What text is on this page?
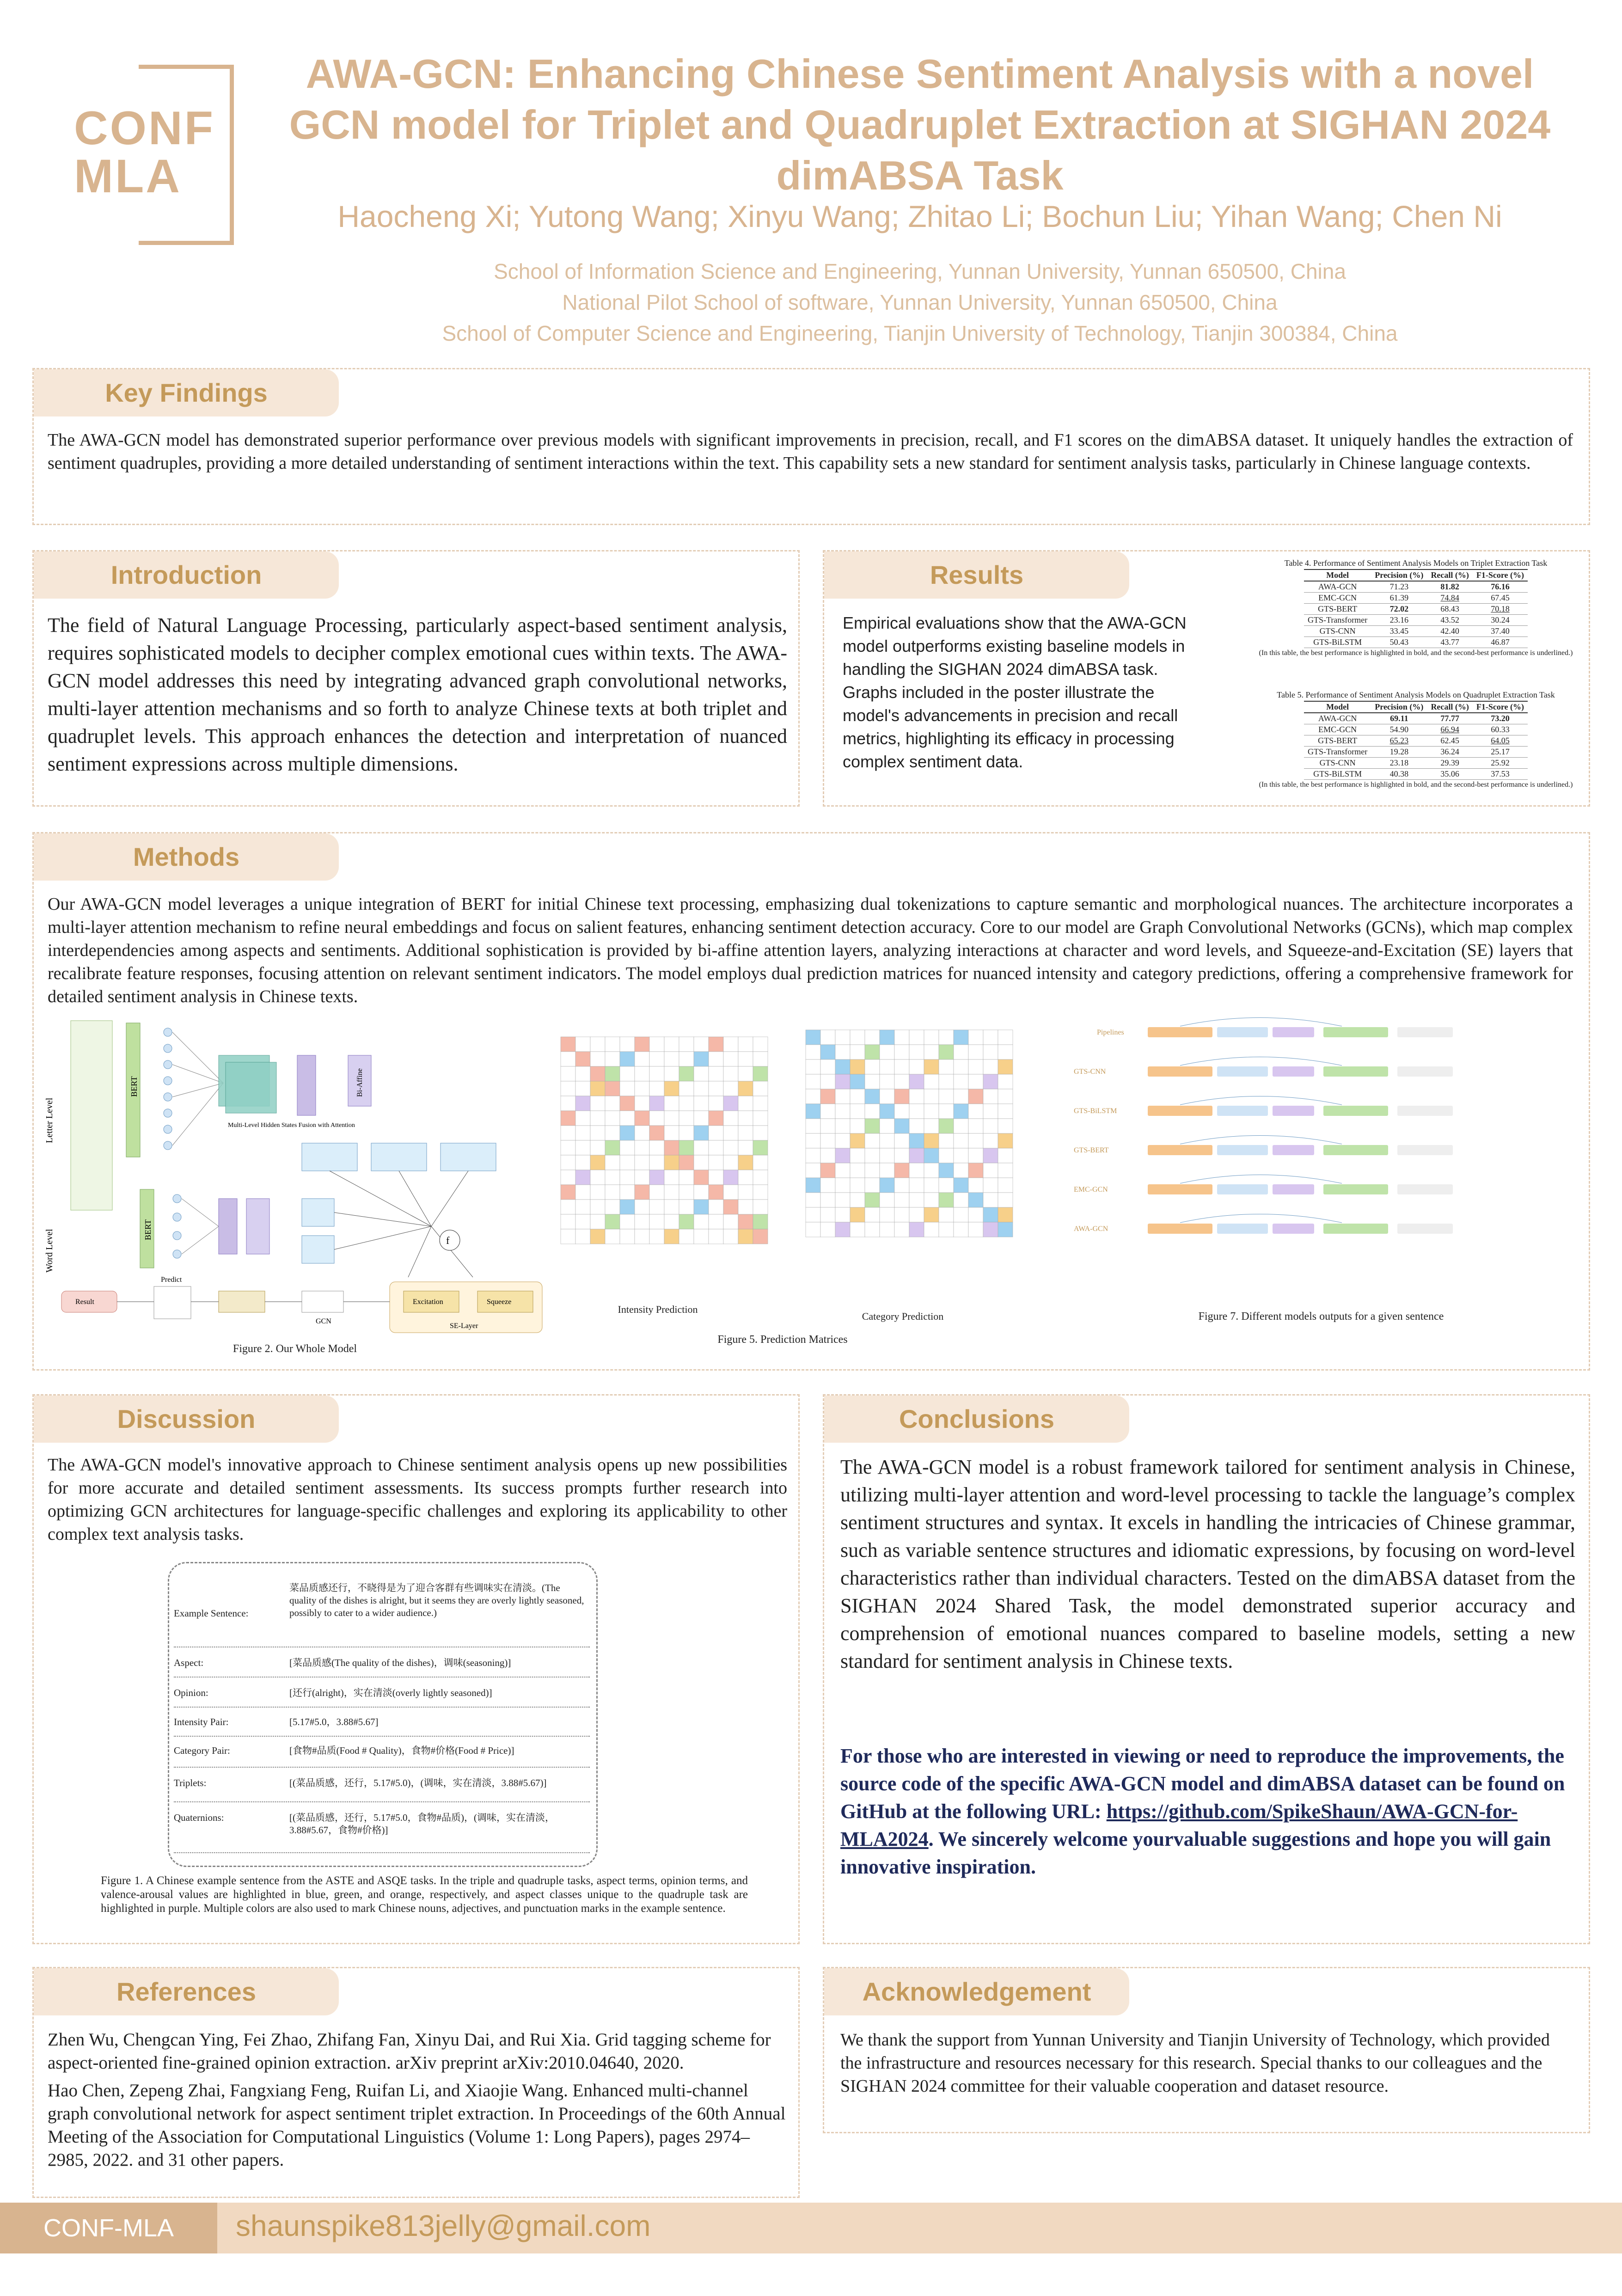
CONF
MLA
AWA-GCN: Enhancing Chinese Sentiment Analysis with a novel
GCN model for Triplet and Quadruplet Extraction at SIGHAN 2024
dimABSA Task
Haocheng Xi; Yutong Wang; Xinyu Wang; Zhitao Li; Bochun Liu; Yihan Wang; Chen Ni
School of Information Science and Engineering, Yunnan University, Yunnan 650500, China
National Pilot School of software, Yunnan University, Yunnan 650500, China
School of Computer Science and Engineering, Tianjin University of Technology, Tianjin 300384, China
Key Findings
The AWA-GCN model has demonstrated superior performance over previous models with significant improvements in precision, recall, and F1 scores on the dimABSA dataset. It uniquely handles the extraction of sentiment quadruples, providing a more detailed understanding of sentiment interactions within the text. This capability sets a new standard for sentiment analysis tasks, particularly in Chinese language contexts.
Introduction
The field of Natural Language Processing, particularly aspect-based sentiment analysis, requires sophisticated models to decipher complex emotional cues within texts. The AWA-GCN model addresses this need by integrating advanced graph convolutional networks, multi-layer attention mechanisms and so forth to analyze Chinese texts at both triplet and quadruplet levels. This approach enhances the detection and interpretation of nuanced sentiment expressions across multiple dimensions.
Results
Empirical evaluations show that the AWA-GCN model outperforms existing baseline models in handling the SIGHAN 2024 dimABSA task. Graphs included in the poster illustrate the model's advancements in precision and recall metrics, highlighting its efficacy in processing complex sentiment data.
Table 4. Performance of Sentiment Analysis Models on Triplet Extraction Task
Model	Precision (%)	Recall (%)	F1-Score (%)
AWA-GCN	71.23	81.82	76.16
EMC-GCN	61.39	74.84	67.45
GTS-BERT	72.02	68.43	70.18
GTS-Transformer	23.16	43.52	30.24
GTS-CNN	33.45	42.40	37.40
GTS-BiLSTM	50.43	43.77	46.87
(In this table, the best performance is highlighted in bold, and the second-best performance is underlined.)
Table 5. Performance of Sentiment Analysis Models on Quadruplet Extraction Task
Model	Precision (%)	Recall (%)	F1-Score (%)
AWA-GCN	69.11	77.77	73.20
EMC-GCN	54.90	66.94	60.33
GTS-BERT	65.23	62.45	64.05
GTS-Transformer	19.28	36.24	25.17
GTS-CNN	23.18	29.39	25.92
GTS-BiLSTM	40.38	35.06	37.53
(In this table, the best performance is highlighted in bold, and the second-best performance is underlined.)
Methods
Our AWA-GCN model leverages a unique integration of BERT for initial Chinese text processing, emphasizing dual tokenizations to capture semantic and morphological nuances. The architecture incorporates a multi-layer attention mechanism to refine neural embeddings and focus on salient features, enhancing sentiment detection accuracy. Core to our model are Graph Convolutional Networks (GCNs), which map complex interdependencies among aspects and sentiments. Additional sophistication is provided by bi-affine attention layers, analyzing interactions at character and word levels, and Squeeze-and-Excitation (SE) layers that recalibrate feature responses, focusing attention on relevant sentiment indicators. The model employs dual prediction matrices for nuanced intensity and category predictions, offering a comprehensive framework for detailed sentiment analysis in Chinese texts.
f
Letter Level
Word Level
BERT
BERT
Bi-Affine
Multi-Level Hidden States Fusion with Attention
Result
Predict
GCN
Excitation	Squeeze
SE-Layer
Figure 2. Our Whole Model
Intensity Prediction
Category Prediction
Figure 5. Prediction Matrices
Pipelines
GTS-CNN
GTS-BiLSTM
GTS-BERT
EMC-GCN
AWA-GCN
Figure 7. Different models outputs for a given sentence
Discussion
The AWA-GCN model's innovative approach to Chinese sentiment analysis opens up new possibilities for more accurate and detailed sentiment assessments. Its success prompts further research into optimizing GCN architectures for language-specific challenges and exploring its applicability to other complex text analysis tasks.
Example Sentence:
菜品质感还行，不晓得是为了迎合客群有些调味实在清淡。(The quality of the dishes is alright, but it seems they are overly lightly seasoned, possibly to cater to a wider audience.)
Aspect:	[菜品质感(The quality of the dishes)，调味(seasoning)]
Opinion:	[还行(alright)，实在清淡(overly lightly seasoned)]
Intensity Pair:	[5.17#5.0，3.88#5.67]
Category Pair:	[食物#品质(Food # Quality)，食物#价格(Food # Price)]
Triplets:	[(菜品质感，还行，5.17#5.0)，(调味，实在清淡，3.88#5.67)]
Quaternions:	[(菜品质感，还行，5.17#5.0，食物#品质)，(调味，实在清淡，3.88#5.67，食物#价格)]
Figure 1. A Chinese example sentence from the ASTE and ASQE tasks. In the triple and quadruple tasks, aspect terms, opinion terms, and valence-arousal values are highlighted in blue, green, and orange, respectively, and aspect classes unique to the quadruple task are highlighted in purple. Multiple colors are also used to mark Chinese nouns, adjectives, and punctuation marks in the example sentence.
Conclusions
The AWA-GCN model is a robust framework tailored for sentiment analysis in Chinese, utilizing multi-layer attention and word-level processing to tackle the language’s complex sentiment structures and syntax. It excels in handling the intricacies of Chinese grammar, such as variable sentence structures and idiomatic expressions, by focusing on word-level characteristics rather than individual characters. Tested on the dimABSA dataset from the SIGHAN 2024 Shared Task, the model demonstrated superior accuracy and comprehension of emotional nuances compared to baseline models, setting a new standard for sentiment analysis in Chinese texts.
For those who are interested in viewing or need to reproduce the improvements, the source code of the specific AWA-GCN model and dimABSA dataset can be found on GitHub at the following URL: https://github.com/SpikeShaun/AWA-GCN-for-MLA2024. We sincerely welcome yourvaluable suggestions and hope you will gain innovative inspiration.
References
Zhen Wu, Chengcan Ying, Fei Zhao, Zhifang Fan, Xinyu Dai, and Rui Xia. Grid tagging scheme for aspect-oriented fine-grained opinion extraction. arXiv preprint arXiv:2010.04640, 2020.
Hao Chen, Zepeng Zhai, Fangxiang Feng, Ruifan Li, and Xiaojie Wang. Enhanced multi-channel graph convolutional network for aspect sentiment triplet extraction. In Proceedings of the 60th Annual Meeting of the Association for Computational Linguistics (Volume 1: Long Papers), pages 2974–2985, 2022. and 31 other papers.
Acknowledgement
We thank the support from Yunnan University and Tianjin University of Technology, which provided the infrastructure and resources necessary for this research. Special thanks to our colleagues and the SIGHAN 2024 committee for their valuable cooperation and dataset resource.
CONF-MLA	shaunspike813jelly@gmail.com
